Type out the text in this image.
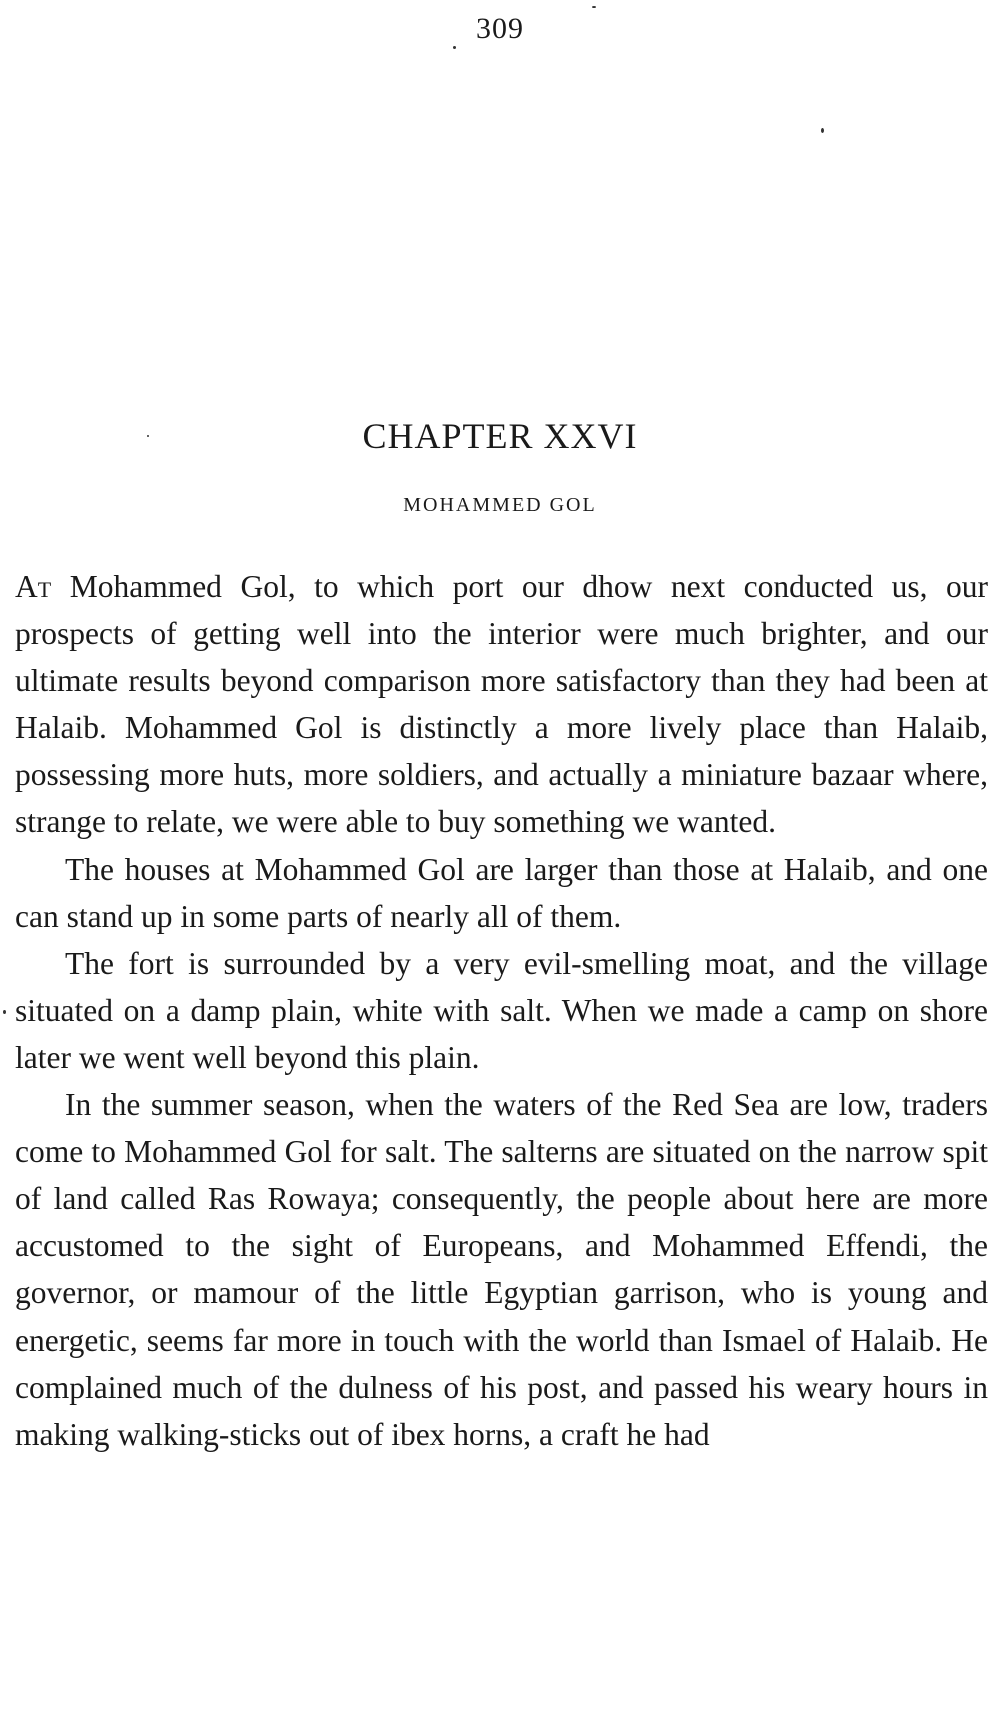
309
CHAPTER XXVI
MOHAMMED GOL

At Mohammed Gol, to which port our dhow next conducted us, our prospects of getting well into the interior were much brighter, and our ultimate results beyond comparison more satisfactory than they had been at Halaib. Mohammed Gol is distinctly a more lively place than Halaib, possessing more huts, more soldiers, and actually a miniature bazaar where, strange to relate, we were able to buy something we wanted.

The houses at Mohammed Gol are larger than those at Halaib, and one can stand up in some parts of nearly all of them.

The fort is surrounded by a very evil-smelling moat, and the village situated on a damp plain, white with salt. When we made a camp on shore later we went well beyond this plain.

In the summer season, when the waters of the Red Sea are low, traders come to Mohammed Gol for salt. The salterns are situated on the narrow spit of land called Ras Rowaya; consequently, the people about here are more accustomed to the sight of Europeans, and Mohammed Effendi, the governor, or mamour of the little Egyptian garrison, who is young and energetic, seems far more in touch with the world than Ismael of Halaib. He complained much of the dulness of his post, and passed his weary hours in making walking-sticks out of ibex horns, a craft he had
